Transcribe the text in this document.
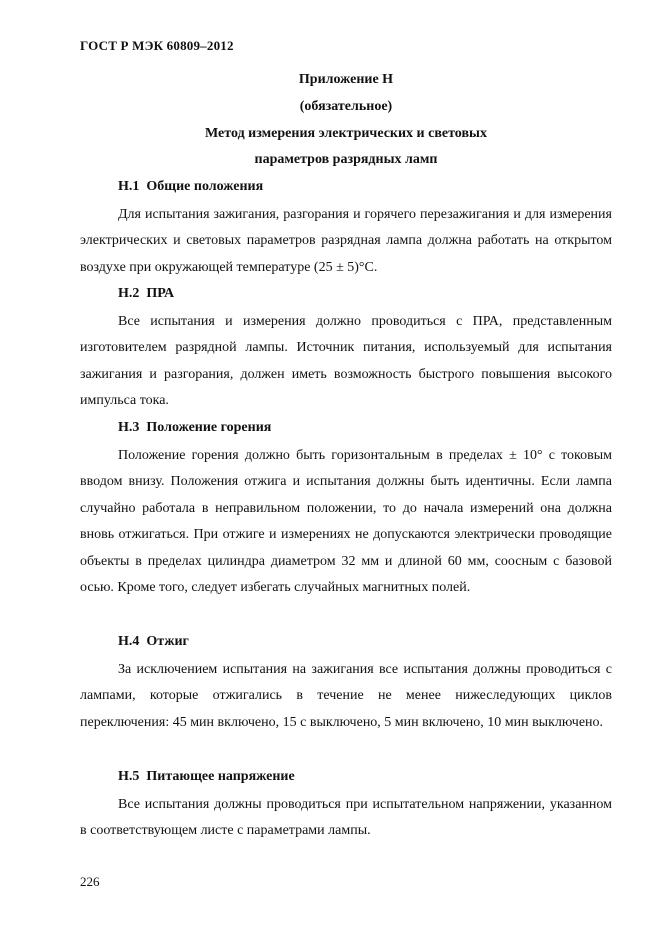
ГОСТ Р МЭК 60809–2012
Приложение Н
(обязательное)
Метод измерения электрических и световых
параметров разрядных ламп
Н.1 Общие положения
Для испытания зажигания, разгорания и горячего перезажигания и для измерения электрических и световых параметров разрядная лампа должна работать на открытом воздухе при окружающей температуре (25 ± 5)°С.
Н.2 ПРА
Все испытания и измерения должно проводиться с ПРА, представленным изготовителем разрядной лампы. Источник питания, используемый для испытания зажигания и разгорания, должен иметь возможность быстрого повышения высокого импульса тока.
Н.3 Положение горения
Положение горения должно быть горизонтальным в пределах ± 10° с токовым вводом внизу. Положения отжига и испытания должны быть идентичны. Если лампа случайно работала в неправильном положении, то до начала измерений она должна вновь отжигаться. При отжиге и измерениях не допускаются электрически проводящие объекты в пределах цилиндра диаметром 32 мм и длиной 60 мм, соосным с базовой осью. Кроме того, следует избегать случайных магнитных полей.
Н.4 Отжиг
За исключением испытания на зажигания все испытания должны проводиться с лампами, которые отжигались в течение не менее нижеследующих циклов переключения: 45 мин включено, 15 с выключено, 5 мин включено, 10 мин выключено.
Н.5 Питающее напряжение
Все испытания должны проводиться при испытательном напряжении, указанном в соответствующем листе с параметрами лампы.
226
